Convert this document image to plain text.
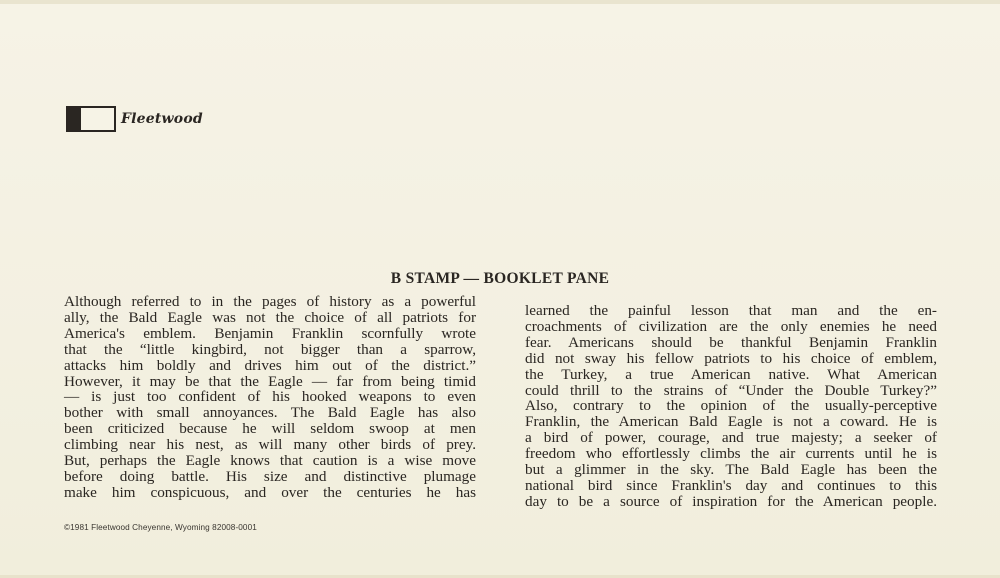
Fleetwood
B STAMP — BOOKLET PANE
Although referred to in the pages of history as a powerful
ally, the Bald Eagle was not the choice of all patriots for
America's emblem. Benjamin Franklin scornfully wrote
that the “little kingbird, not bigger than a sparrow,
attacks him boldly and drives him out of the district.”
However, it may be that the Eagle — far from being timid
— is just too confident of his hooked weapons to even
bother with small annoyances. The Bald Eagle has also
been criticized because he will seldom swoop at men
climbing near his nest, as will many other birds of prey.
But, perhaps the Eagle knows that caution is a wise move
before doing battle. His size and distinctive plumage
make him conspicuous, and over the centuries he has
learned the painful lesson that man and the en-
croachments of civilization are the only enemies he need
fear. Americans should be thankful Benjamin Franklin
did not sway his fellow patriots to his choice of emblem,
the Turkey, a true American native. What American
could thrill to the strains of “Under the Double Turkey?”
Also, contrary to the opinion of the usually-perceptive
Franklin, the American Bald Eagle is not a coward. He is
a bird of power, courage, and true majesty; a seeker of
freedom who effortlessly climbs the air currents until he is
but a glimmer in the sky. The Bald Eagle has been the
national bird since Franklin's day and continues to this
day to be a source of inspiration for the American people.
©1981 Fleetwood Cheyenne, Wyoming 82008-0001
